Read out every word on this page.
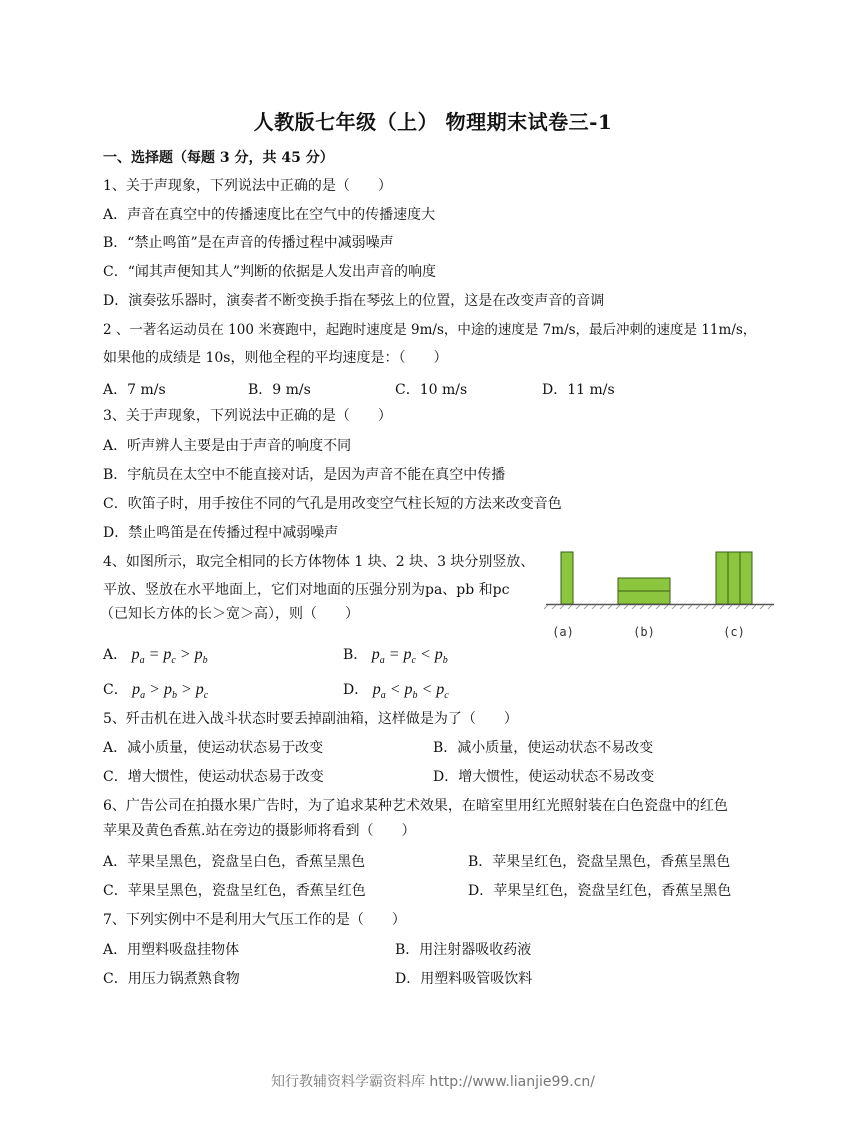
人教版七年级（上） 物理期末试卷三-1
一、选择题（每题 3 分，共 45 分）
1、关于声现象，下列说法中正确的是（　　）
A．声音在真空中的传播速度比在空气中的传播速度大
B．“禁止鸣笛”是在声音的传播过程中减弱噪声
C．“闻其声便知其人”判断的依据是人发出声音的响度
D．演奏弦乐器时，演奏者不断变换手指在琴弦上的位置，这是在改变声音的音调
2 、一著名运动员在 100 米赛跑中，起跑时速度是 9m/s，中途的速度是 7m/s，最后冲刺的速度是 11m/s，
如果他的成绩是 10s，则他全程的平均速度是：（　　）
A．7 m/s	B．9 m/s	C．10 m/s	D．11 m/s
3、关于声现象，下列说法中正确的是（　　）
A．听声辨人主要是由于声音的响度不同
B．宇航员在太空中不能直接对话，是因为声音不能在真空中传播
C．吹笛子时，用手按住不同的气孔是用改变空气柱长短的方法来改变音色
D．禁止鸣笛是在传播过程中减弱噪声
4、如图所示，取完全相同的长方体物体 1 块、2 块、3 块分别竖放、
平放、竖放在水平地面上，它们对地面的压强分别为pa、pb 和pc
（已知长方体的长＞宽＞高），则（　　）
(a)	(b)	(c)
A． $p_a = p_c > p_b$	B． $p_a = p_c < p_b$
C． $p_a > p_b > p_c$	D． $p_a < p_b < p_c$
5、歼击机在进入战斗状态时要丢掉副油箱，这样做是为了（　　）
A．减小质量，使运动状态易于改变	B．减小质量，使运动状态不易改变
C．增大惯性，使运动状态易于改变	D．增大惯性，使运动状态不易改变
6、广告公司在拍摄水果广告时，为了追求某种艺术效果，在暗室里用红光照射装在白色瓷盘中的红色
苹果及黄色香蕉.站在旁边的摄影师将看到（　　）
A．苹果呈黑色，瓷盘呈白色，香蕉呈黑色	B．苹果呈红色，瓷盘呈黑色，香蕉呈黑色
C．苹果呈黑色，瓷盘呈红色，香蕉呈红色	D．苹果呈红色，瓷盘呈红色，香蕉呈黑色
7、下列实例中不是利用大气压工作的是（　　）
A．用塑料吸盘挂物体	B．用注射器吸收药液
C．用压力锅煮熟食物	D．用塑料吸管吸饮料
知行教辅资料学霸资料库 http://www.lianjie99.cn/
